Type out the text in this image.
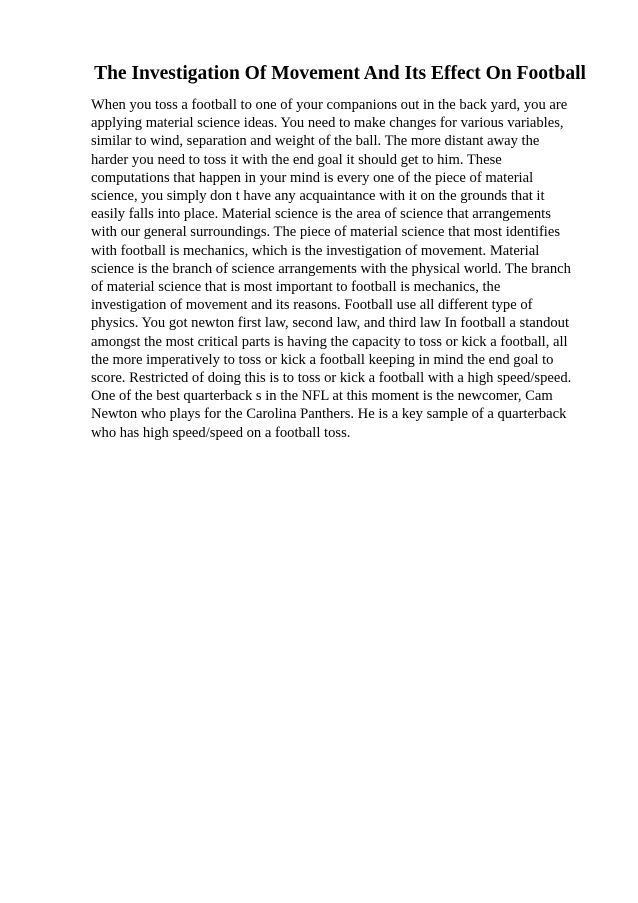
The Investigation Of Movement And Its Effect On Football
When you toss a football to one of your companions out in the back yard, you are
applying material science ideas. You need to make changes for various variables,
similar to wind, separation and weight of the ball. The more distant away the
harder you need to toss it with the end goal it should get to him. These
computations that happen in your mind is every one of the piece of material
science, you simply don t have any acquaintance with it on the grounds that it
easily falls into place. Material science is the area of science that arrangements
with our general surroundings. The piece of material science that most identifies
with football is mechanics, which is the investigation of movement. Material
science is the branch of science arrangements with the physical world. The branch
of material science that is most important to football is mechanics, the
investigation of movement and its reasons. Football use all different type of
physics. You got newton first law, second law, and third law In football a standout
amongst the most critical parts is having the capacity to toss or kick a football, all
the more imperatively to toss or kick a football keeping in mind the end goal to
score. Restricted of doing this is to toss or kick a football with a high speed/speed.
One of the best quarterback s in the NFL at this moment is the newcomer, Cam
Newton who plays for the Carolina Panthers. He is a key sample of a quarterback
who has high speed/speed on a football toss.
